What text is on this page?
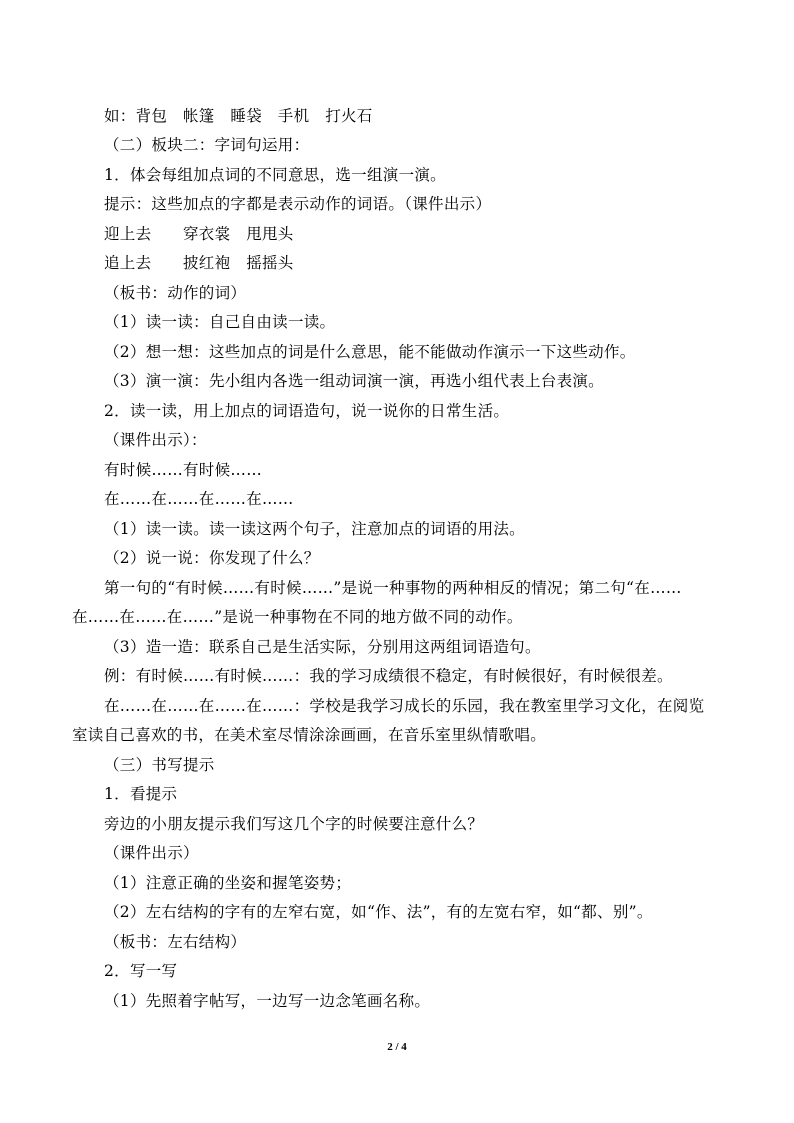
如：背包　帐篷　睡袋　手机　打火石
（二）板块二：字词句运用：
1．体会每组加点词的不同意思，选一组演一演。
提示：这些加点的字都是表示动作的词语。（课件出示）
迎上去　　穿衣裳　甩甩头
追上去　　披红袍　摇摇头
（板书：动作的词）
（1）读一读：自己自由读一读。
（2）想一想：这些加点的词是什么意思，能不能做动作演示一下这些动作。
（3）演一演：先小组内各选一组动词演一演，再选小组代表上台表演。
2．读一读，用上加点的词语造句，说一说你的日常生活。
（课件出示）：
有时候……有时候……
在……在……在……在……
（1）读一读。读一读这两个句子，注意加点的词语的用法。
（2）说一说：你发现了什么？
第一句的“有时候……有时候……”是说一种事物的两种相反的情况；第二句“在……
在……在……在……”是说一种事物在不同的地方做不同的动作。
（3）造一造：联系自己是生活实际，分别用这两组词语造句。
例：有时候……有时候……：我的学习成绩很不稳定，有时候很好，有时候很差。
在……在……在……在……：学校是我学习成长的乐园，我在教室里学习文化，在阅览
室读自己喜欢的书，在美术室尽情涂涂画画，在音乐室里纵情歌唱。
（三）书写提示
1．看提示
旁边的小朋友提示我们写这几个字的时候要注意什么？
（课件出示）
（1）注意正确的坐姿和握笔姿势；
（2）左右结构的字有的左窄右宽，如“作、法”，有的左宽右窄，如“都、别”。
（板书：左右结构）
2．写一写
（1）先照着字帖写，一边写一边念笔画名称。
2 / 4
